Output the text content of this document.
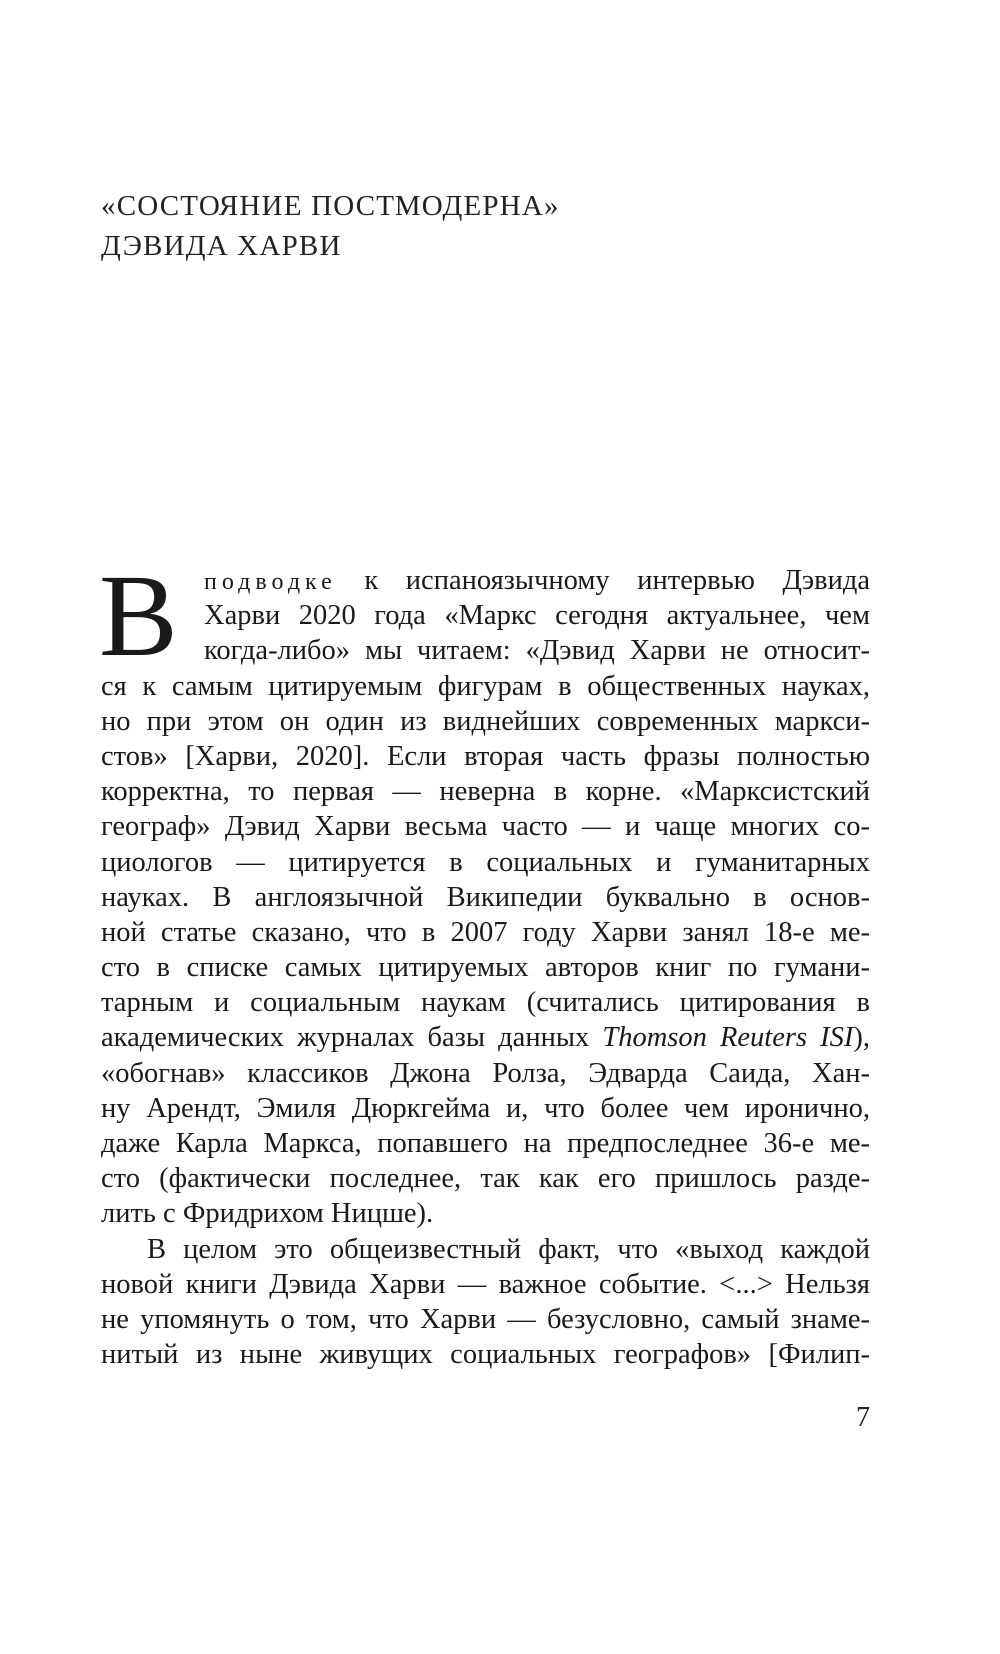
«СОСТОЯНИЕ ПОСТМОДЕРНА»
ДЭВИДА ХАРВИ
В подводке к испаноязычному интервью Дэвида
Харви 2020 года «Маркс сегодня актуальнее, чем
когда-либо» мы читаем: «Дэвид Харви не относит-
ся к самым цитируемым фигурам в общественных науках,
но при этом он один из виднейших современных маркси-
стов» [Харви, 2020]. Если вторая часть фразы полностью
корректна, то первая — неверна в корне. «Марксистский
географ» Дэвид Харви весьма часто — и чаще многих со-
циологов — цитируется в социальных и гуманитарных
науках. В англоязычной Википедии буквально в основ-
ной статье сказано, что в 2007 году Харви занял 18-е ме-
сто в списке самых цитируемых авторов книг по гумани-
тарным и социальным наукам (считались цитирования в
академических журналах базы данных Thomson Reuters ISI),
«обогнав» классиков Джона Ролза, Эдварда Саида, Хан-
ну Арендт, Эмиля Дюркгейма и, что более чем иронично,
даже Карла Маркса, попавшего на предпоследнее 36-е ме-
сто (фактически последнее, так как его пришлось разде-
лить с Фридрихом Ницше).
В целом это общеизвестный факт, что «выход каждой
новой книги Дэвида Харви — важное событие. <...> Нельзя
не упомянуть о том, что Харви — безусловно, самый знаме-
нитый из ныне живущих социальных географов» [Филип-
7
